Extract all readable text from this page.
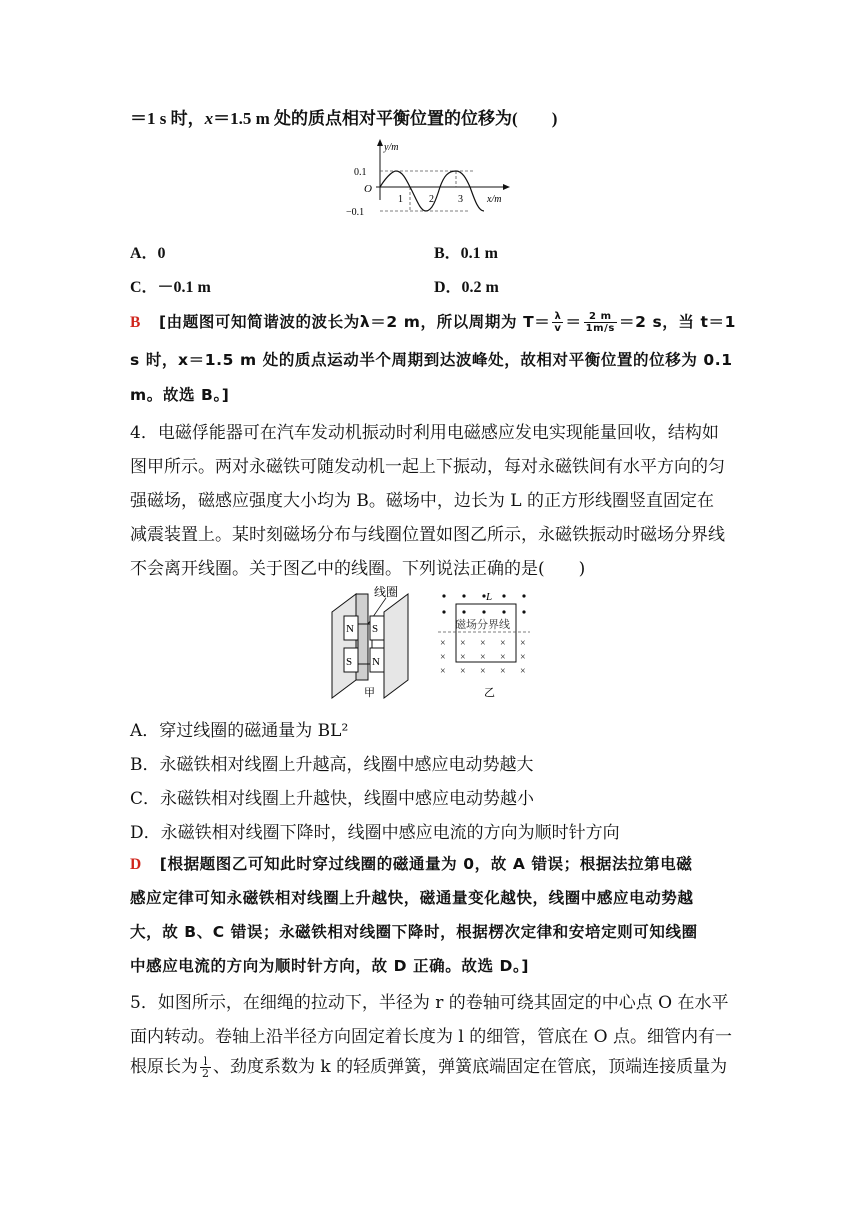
＝1 s 时，x＝1.5 m 处的质点相对平衡位置的位移为(　　)
y/m
x/m
O
0.1
−0.1
1	2 3
A．0	B．0.1 m
C．－0.1 m	D．0.2 m
B [由题图可知简谐波的波长为λ＝2 m，所以周期为 $T= \frac{\lambda}{v} = \frac{2 m}{1m/s} =2$ s，当 t＝1
s 时，x＝1.5 m 处的质点运动半个周期到达波峰处，故相对平衡位置的位移为 0.1
m。故选 B。]
4．电磁俘能器可在汽车发动机振动时利用电磁感应发电实现能量回收，结构如
图甲所示。两对永磁铁可随发动机一起上下振动，每对永磁铁间有水平方向的匀
强磁场，磁感应强度大小均为 B。磁场中，边长为 L 的正方形线圈竖直固定在
减震装置上。某时刻磁场分布与线圈位置如图乙所示，永磁铁振动时磁场分界线
不会离开线圈。关于图乙中的线圈。下列说法正确的是(　　)
N
S
线圈
S
N
甲
L
磁场分界线
× × × × ×
× × × × ×
× × × × ×
乙
A．穿过线圈的磁通量为 BL²
B．永磁铁相对线圈上升越高，线圈中感应电动势越大
C．永磁铁相对线圈上升越快，线圈中感应电动势越小
D．永磁铁相对线圈下降时，线圈中感应电流的方向为顺时针方向
D [根据题图乙可知此时穿过线圈的磁通量为 0，故 A 错误；根据法拉第电磁
感应定律可知永磁铁相对线圈上升越快，磁通量变化越快，线圈中感应电动势越
大，故 B、C 错误；永磁铁相对线圈下降时，根据楞次定律和安培定则可知线圈
中感应电流的方向为顺时针方向，故 D 正确。故选 D。]
5．如图所示，在细绳的拉动下，半径为 r 的卷轴可绕其固定的中心点 O 在水平
面内转动。卷轴上沿半径方向固定着长度为 l 的细管，管底在 O 点。细管内有一
根原长为 $\frac{l}{2}$ 、劲度系数为 k 的轻质弹簧，弹簧底端固定在管底，顶端连接质量为
